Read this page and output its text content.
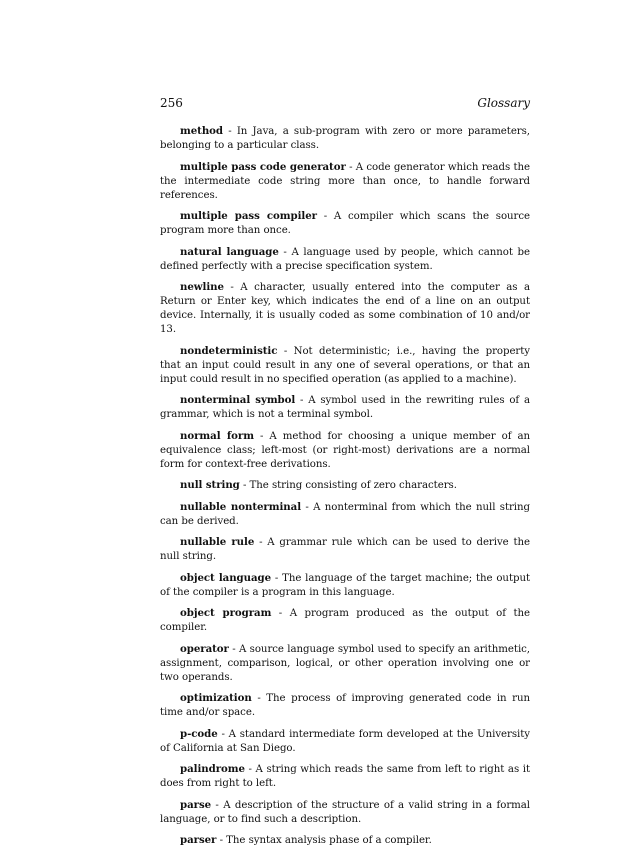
256	Glossary

method - In Java, a sub-program with zero or more parameters, belonging to a particular class.

multiple pass code generator - A code generator which reads the the intermediate code string more than once, to handle forward references.

multiple pass compiler - A compiler which scans the source program more than once.

natural language - A language used by people, which cannot be defined perfectly with a precise specification system.

newline - A character, usually entered into the computer as a Return or Enter key, which indicates the end of a line on an output device. Internally, it is usually coded as some combination of 10 and/or 13.

nondeterministic - Not deterministic; i.e., having the property that an input could result in any one of several operations, or that an input could result in no specified operation (as applied to a machine).

nonterminal symbol - A symbol used in the rewriting rules of a grammar, which is not a terminal symbol.

normal form - A method for choosing a unique member of an equivalence class; left-most (or right-most) derivations are a normal form for context-free derivations.

null string - The string consisting of zero characters.

nullable nonterminal - A nonterminal from which the null string can be derived.

nullable rule - A grammar rule which can be used to derive the null string.

object language - The language of the target machine; the output of the compiler is a program in this language.

object program - A program produced as the output of the compiler.

operator - A source language symbol used to specify an arithmetic, assignment, comparison, logical, or other operation involving one or two operands.

optimization - The process of improving generated code in run time and/or space.

p-code - A standard intermediate form developed at the University of California at San Diego.

palindrome - A string which reads the same from left to right as it does from right to left.

parse - A description of the structure of a valid string in a formal language, or to find such a description.

parser - The syntax analysis phase of a compiler.
